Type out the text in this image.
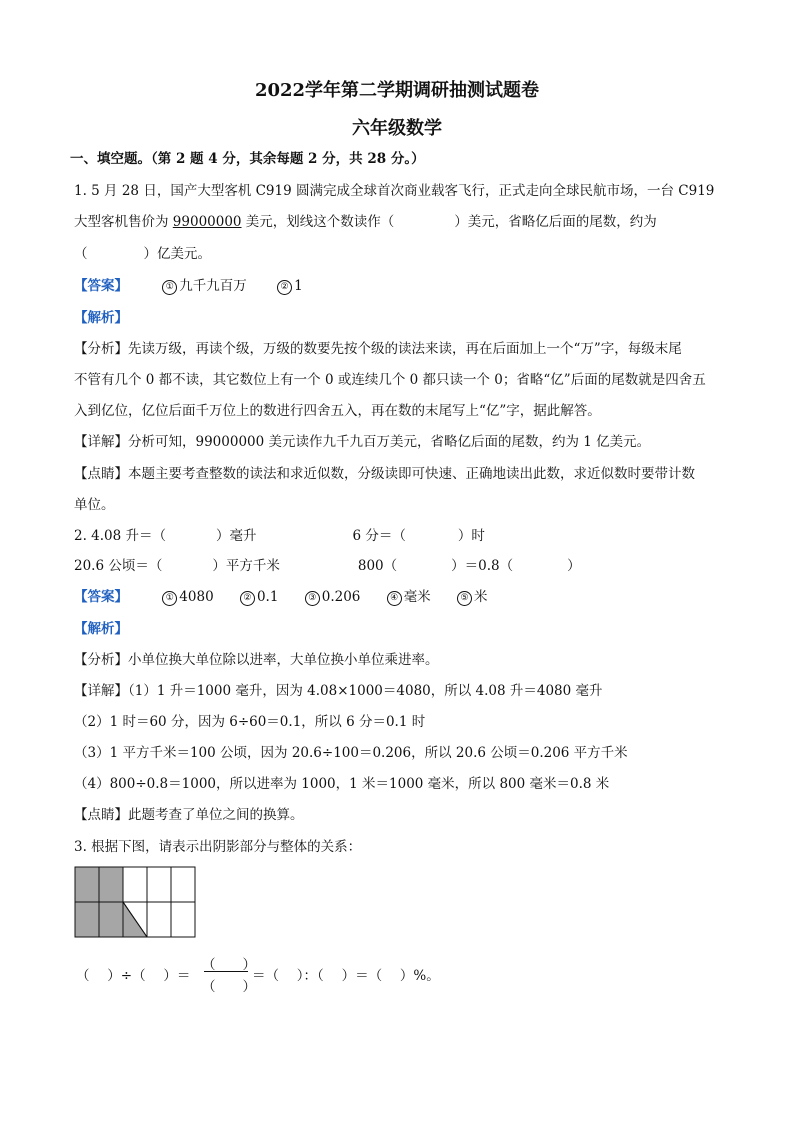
2022学年第二学期调研抽测试题卷
六年级数学
一、填空题。（第 2 题 4 分，其余每题 2 分，共 28 分。）
1. 5 月 28 日，国产大型客机 C919 圆满完成全球首次商业载客飞行，正式走向全球民航市场，一台 C919
大型客机售价为 99000000 美元，划线这个数读作（	）美元，省略亿后面的尾数，约为
（	）亿美元。
【答案】	① 九千九百万	② 1
【解析】
【分析】先读万级，再读个级，万级的数要先按个级的读法来读，再在后面加上一个“万”字，每级末尾
不管有几个 0 都不读，其它数位上有一个 0 或连续几个 0 都只读一个 0；省略“亿”后面的尾数就是四舍五
入到亿位，亿位后面千万位上的数进行四舍五入，再在数的末尾写上“亿”字，据此解答。
【详解】分析可知，99000000 美元读作九千九百万美元，省略亿后面的尾数，约为 1 亿美元。
【点睛】本题主要考查整数的读法和求近似数，分级读即可快速、正确地读出此数，求近似数时要带计数
单位。
2. 4.08 升＝（	）毫升	6 分＝（	）时
20.6 公顷＝（	）平方千米	800（	）＝0.8（	）
【答案】	① 4080	② 0.1	③ 0.206	④ 毫米	⑤ 米
【解析】
【分析】小单位换大单位除以进率，大单位换小单位乘进率。
【详解】（1）1 升＝1000 毫升，因为 4.08×1000＝4080，所以 4.08 升＝4080 毫升
（2）1 时＝60 分，因为 6÷60＝0.1，所以 6 分＝0.1 时
（3）1 平方千米＝100 公顷，因为 20.6÷100＝0.206，所以 20.6 公顷＝0.206 平方千米
（4）800÷0.8＝1000，所以进率为 1000，1 米＝1000 毫米，所以 800 毫米＝0.8 米
【点睛】此题考查了单位之间的换算。
3. 根据下图，请表示出阴影部分与整体的关系：
（　 ）÷（　 ）＝
（　　）
（　　）
＝（　 ）：（　 ）＝（　 ）%。
